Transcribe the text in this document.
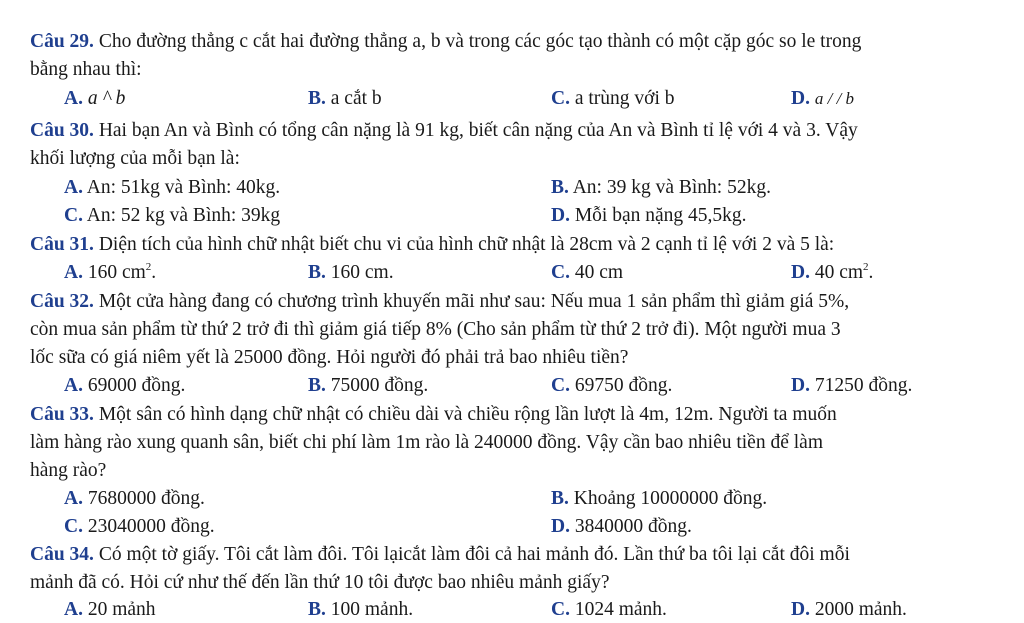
Câu 29. Cho đường thẳng c cắt hai đường thẳng a, b và trong các góc tạo thành có một cặp góc so le trong
bằng nhau thì:
A. a ^ b	B. a cắt b	C. a trùng với b	D. a / / b
Câu 30. Hai bạn An và Bình có tổng cân nặng là 91 kg, biết cân nặng của An và Bình tỉ lệ với 4 và 3. Vậy
khối lượng của mỗi bạn là:
A. An: 51kg và Bình: 40kg.	B. An: 39 kg và Bình: 52kg.
C. An: 52 kg và Bình: 39kg	D. Mỗi bạn nặng 45,5kg.
Câu 31. Diện tích của hình chữ nhật biết chu vi của hình chữ nhật là 28cm và 2 cạnh tỉ lệ với 2 và 5 là:
A. 160 $cm^2$.	B. 160 cm.	C. 40 cm	D. 40 $cm^2$.
Câu 32. Một cửa hàng đang có chương trình khuyến mãi như sau: Nếu mua 1 sản phẩm thì giảm giá 5%,
còn mua sản phẩm từ thứ 2 trở đi thì giảm giá tiếp 8% (Cho sản phẩm từ thứ 2 trở đi). Một người mua 3
lốc sữa có giá niêm yết là 25000 đồng. Hỏi người đó phải trả bao nhiêu tiền?
A. 69000 đồng.	B. 75000 đồng.	C. 69750 đồng.	D. 71250 đồng.
Câu 33. Một sân có hình dạng chữ nhật có chiều dài và chiều rộng lần lượt là 4m, 12m. Người ta muốn
làm hàng rào xung quanh sân, biết chi phí làm 1m rào là 240000 đồng. Vậy cần bao nhiêu tiền để làm
hàng rào?
A. 7680000 đồng.	B. Khoảng 10000000 đồng.
C. 23040000 đồng.	D. 3840000 đồng.
Câu 34. Có một tờ giấy. Tôi cắt làm đôi. Tôi lạicắt làm đôi cả hai mảnh đó. Lần thứ ba tôi lại cắt đôi mỗi
mảnh đã có. Hỏi cứ như thế đến lần thứ 10 tôi được bao nhiêu mảnh giấy?
A. 20 mảnh	B. 100 mảnh.	C. 1024 mảnh.	D. 2000 mảnh.
